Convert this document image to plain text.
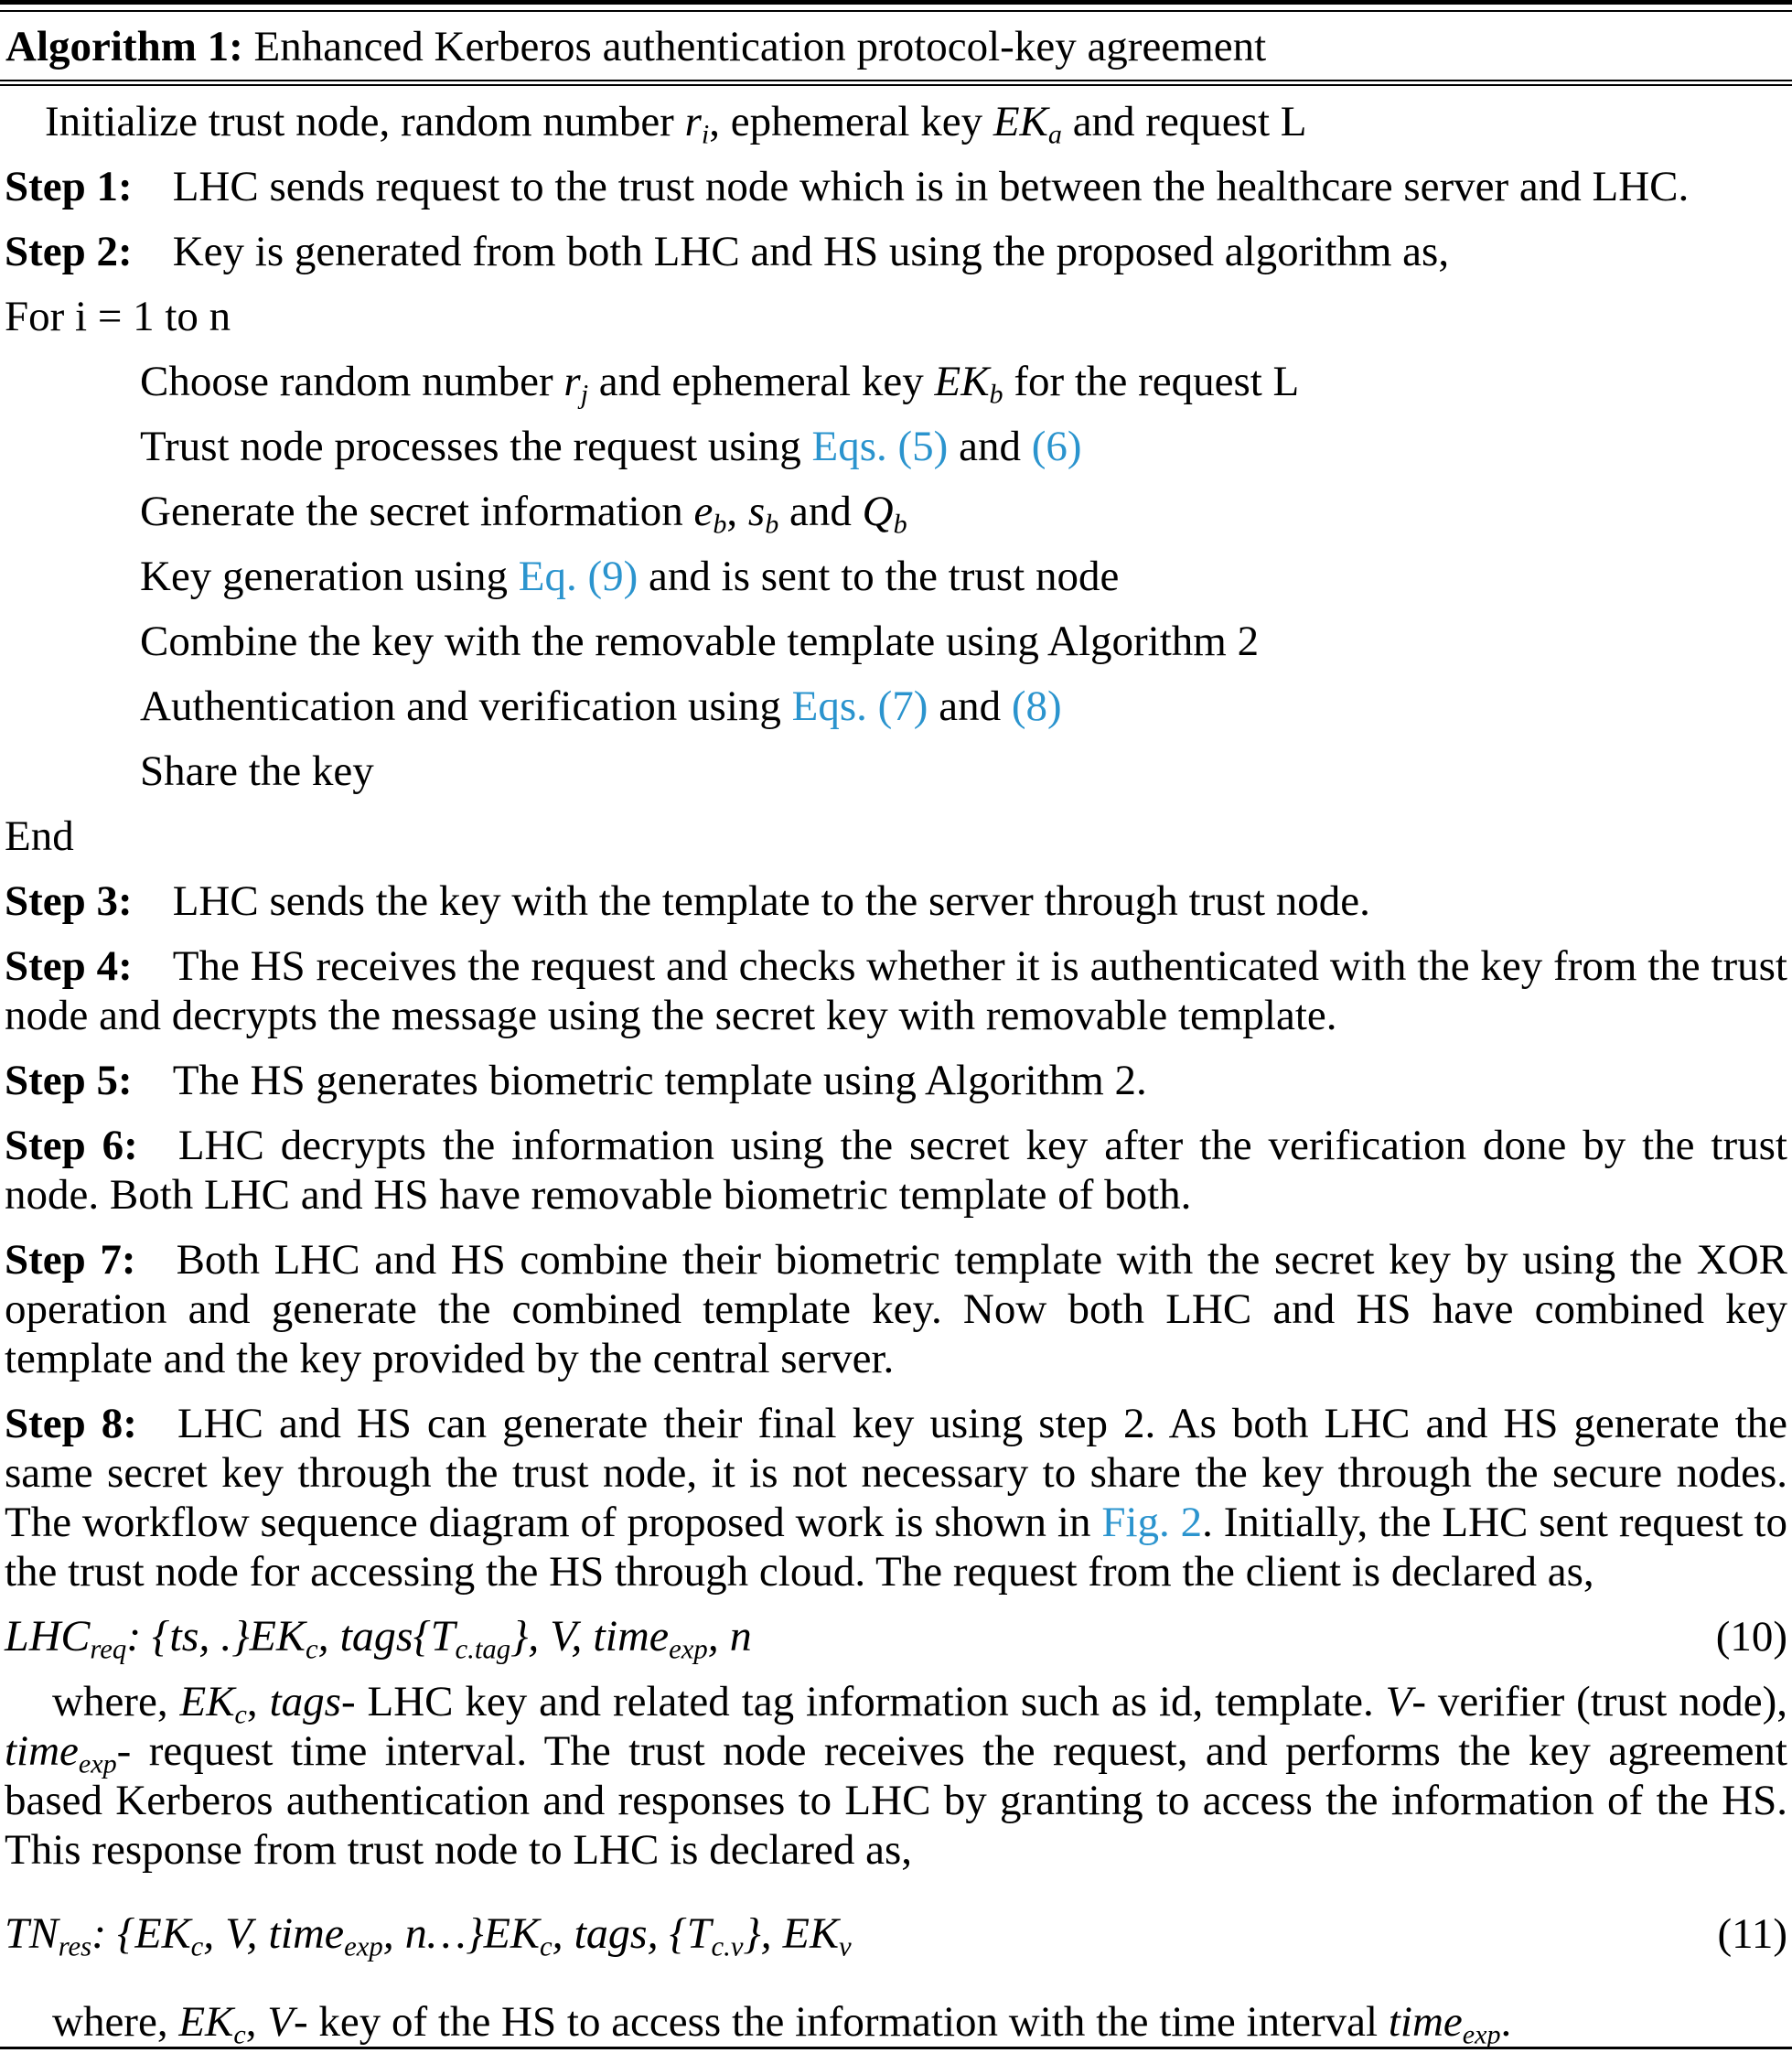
Algorithm 1: Enhanced Kerberos authentication protocol-key agreement

Initialize trust node, random number $r_i$, ephemeral key $EK_a$ and request L

Step 1: LHC sends request to the trust node which is in between the healthcare server and LHC.

Step 2: Key is generated from both LHC and HS using the proposed algorithm as,

For i = 1 to n

Choose random number $r_j$ and ephemeral key $EK_b$ for the request L

Trust node processes the request using Eqs. (5) and (6)

Generate the secret information $e_b$, $s_b$ and $Q_b$

Key generation using Eq. (9) and is sent to the trust node

Combine the key with the removable template using Algorithm 2

Authentication and verification using Eqs. (7) and (8)

Share the key

End

Step 3: LHC sends the key with the template to the server through trust node.

Step 4: The HS receives the request and checks whether it is authenticated with the key from the trust node and decrypts the message using the secret key with removable template.

Step 5: The HS generates biometric template using Algorithm 2.

Step 6: LHC decrypts the information using the secret key after the verification done by the trust node. Both LHC and HS have removable biometric template of both.

Step 7: Both LHC and HS combine their biometric template with the secret key by using the XOR operation and generate the combined template key. Now both LHC and HS have combined key template and the key provided by the central server.

Step 8: LHC and HS can generate their final key using step 2. As both LHC and HS generate the same secret key through the trust node, it is not necessary to share the key through the secure nodes. The workflow sequence diagram of proposed work is shown in Fig. 2. Initially, the LHC sent request to the trust node for accessing the HS through cloud. The request from the client is declared as,

$LHC_{req}$: {ts, $.\}EK_c$, $tags\{T_{c.tag}\}$, V, time$_{exp}$, n	(10)

where, $EK_c$, tags- LHC key and related tag information such as id, template. V- verifier (trust node), time$_{exp}$- request time interval. The trust node receives the request, and performs the key agreement based Kerberos authentication and responses to LHC by granting to access the information of the HS. This response from trust node to LHC is declared as,

$TN_{res}$: {$EK_c$, V, time$_{exp}$, $n\dots\}EK_c$, tags, $\{T_{c.v}\}$, $EK_v$	(11)

where, $EK_c$, V- key of the HS to access the information with the time interval time$_{exp}$.
